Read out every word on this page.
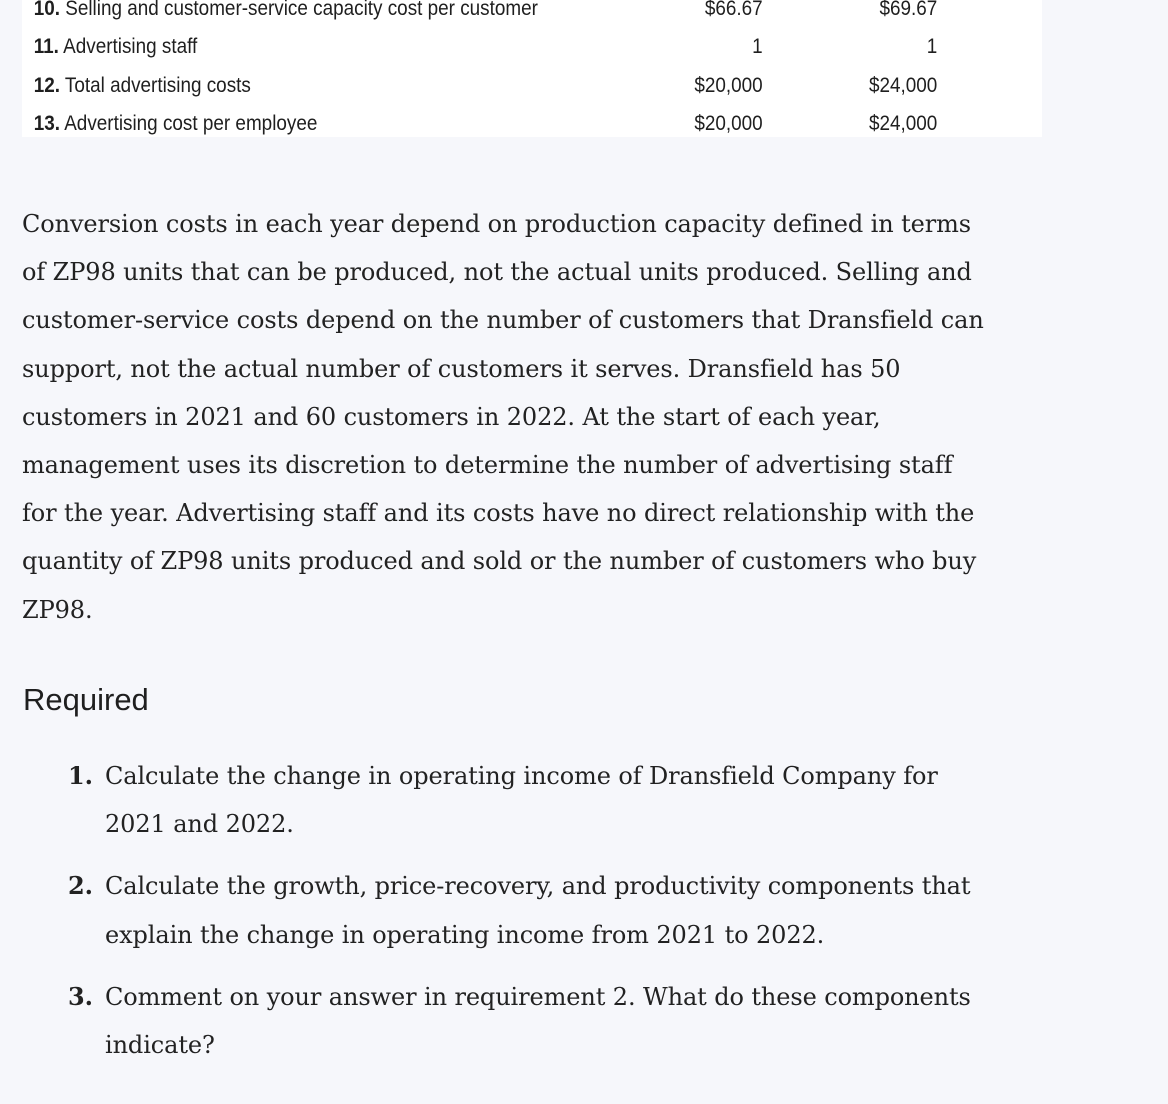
10. Selling and customer-service capacity cost per customer	$66.67	$69.67
11. Advertising staff	1	1
12. Total advertising costs	$20,000	$24,000
13. Advertising cost per employee	$20,000	$24,000

Conversion costs in each year depend on production capacity defined in terms
of ZP98 units that can be produced, not the actual units produced. Selling and
customer-service costs depend on the number of customers that Dransfield can
support, not the actual number of customers it serves. Dransfield has 50
customers in 2021 and 60 customers in 2022. At the start of each year,
management uses its discretion to determine the number of advertising staff
for the year. Advertising staff and its costs have no direct relationship with the
quantity of ZP98 units produced and sold or the number of customers who buy
ZP98.

Required
1. Calculate the change in operating income of Dransfield Company for
2021 and 2022.
2. Calculate the growth, price-recovery, and productivity components that
explain the change in operating income from 2021 to 2022.
3. Comment on your answer in requirement 2. What do these components
indicate?
